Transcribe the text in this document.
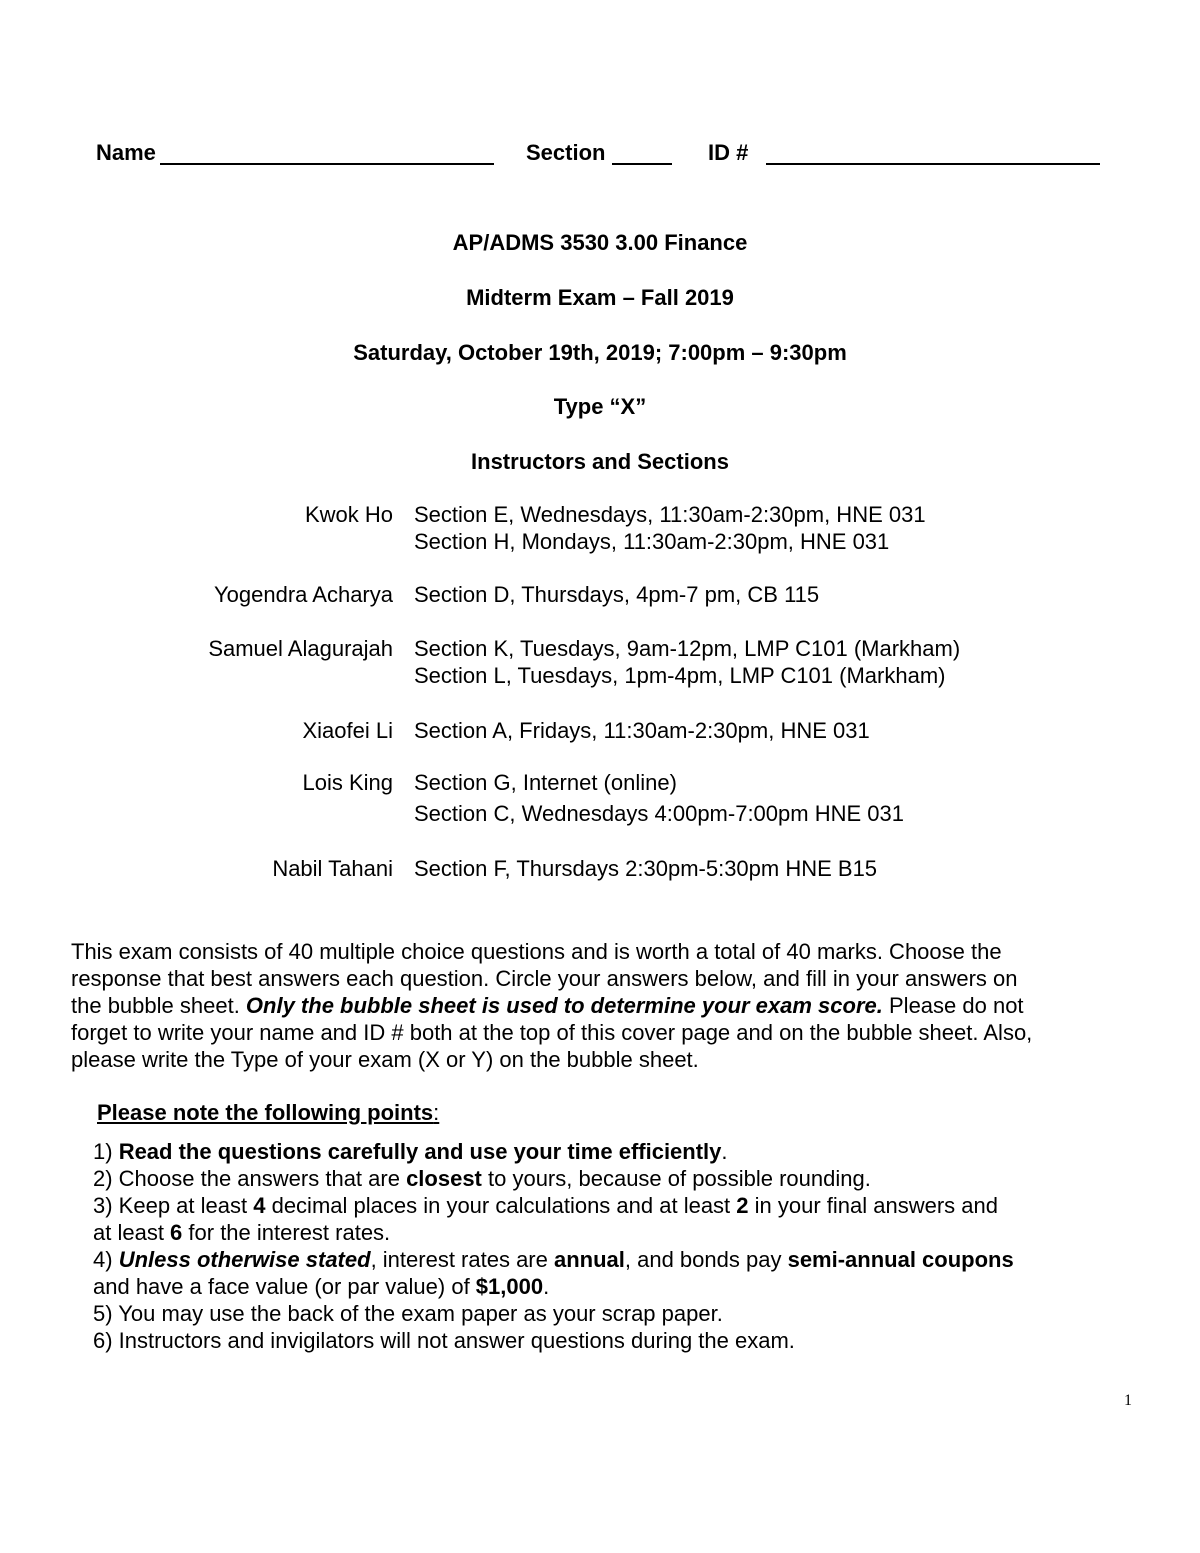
Name	Section	ID #
AP/ADMS 3530 3.00 Finance
Midterm Exam – Fall 2019
Saturday, October 19th, 2019; 7:00pm – 9:30pm
Type “X”
Instructors and Sections
Kwok Ho Section E, Wednesdays, 11:30am-2:30pm, HNE 031
Section H, Mondays, 11:30am-2:30pm, HNE 031
Yogendra Acharya Section D, Thursdays, 4pm-7 pm, CB 115
Samuel Alagurajah Section K, Tuesdays, 9am-12pm, LMP C101 (Markham)
Section L, Tuesdays, 1pm-4pm, LMP C101 (Markham)
Xiaofei Li Section A, Fridays, 11:30am-2:30pm, HNE 031
Lois King Section G, Internet (online)
Section C, Wednesdays 4:00pm-7:00pm HNE 031
Nabil Tahani Section F, Thursdays 2:30pm-5:30pm HNE B15
This exam consists of 40 multiple choice questions and is worth a total of 40 marks. Choose the
response that best answers each question. Circle your answers below, and fill in your answers on
the bubble sheet. Only the bubble sheet is used to determine your exam score. Please do not
forget to write your name and ID # both at the top of this cover page and on the bubble sheet. Also,
please write the Type of your exam (X or Y) on the bubble sheet.
Please note the following points:
1) Read the questions carefully and use your time efficiently.
2) Choose the answers that are closest to yours, because of possible rounding.
3) Keep at least 4 decimal places in your calculations and at least 2 in your final answers and
at least 6 for the interest rates.
4) Unless otherwise stated, interest rates are annual, and bonds pay semi-annual coupons
and have a face value (or par value) of $1,000.
5) You may use the back of the exam paper as your scrap paper.
6) Instructors and invigilators will not answer questions during the exam.
1
